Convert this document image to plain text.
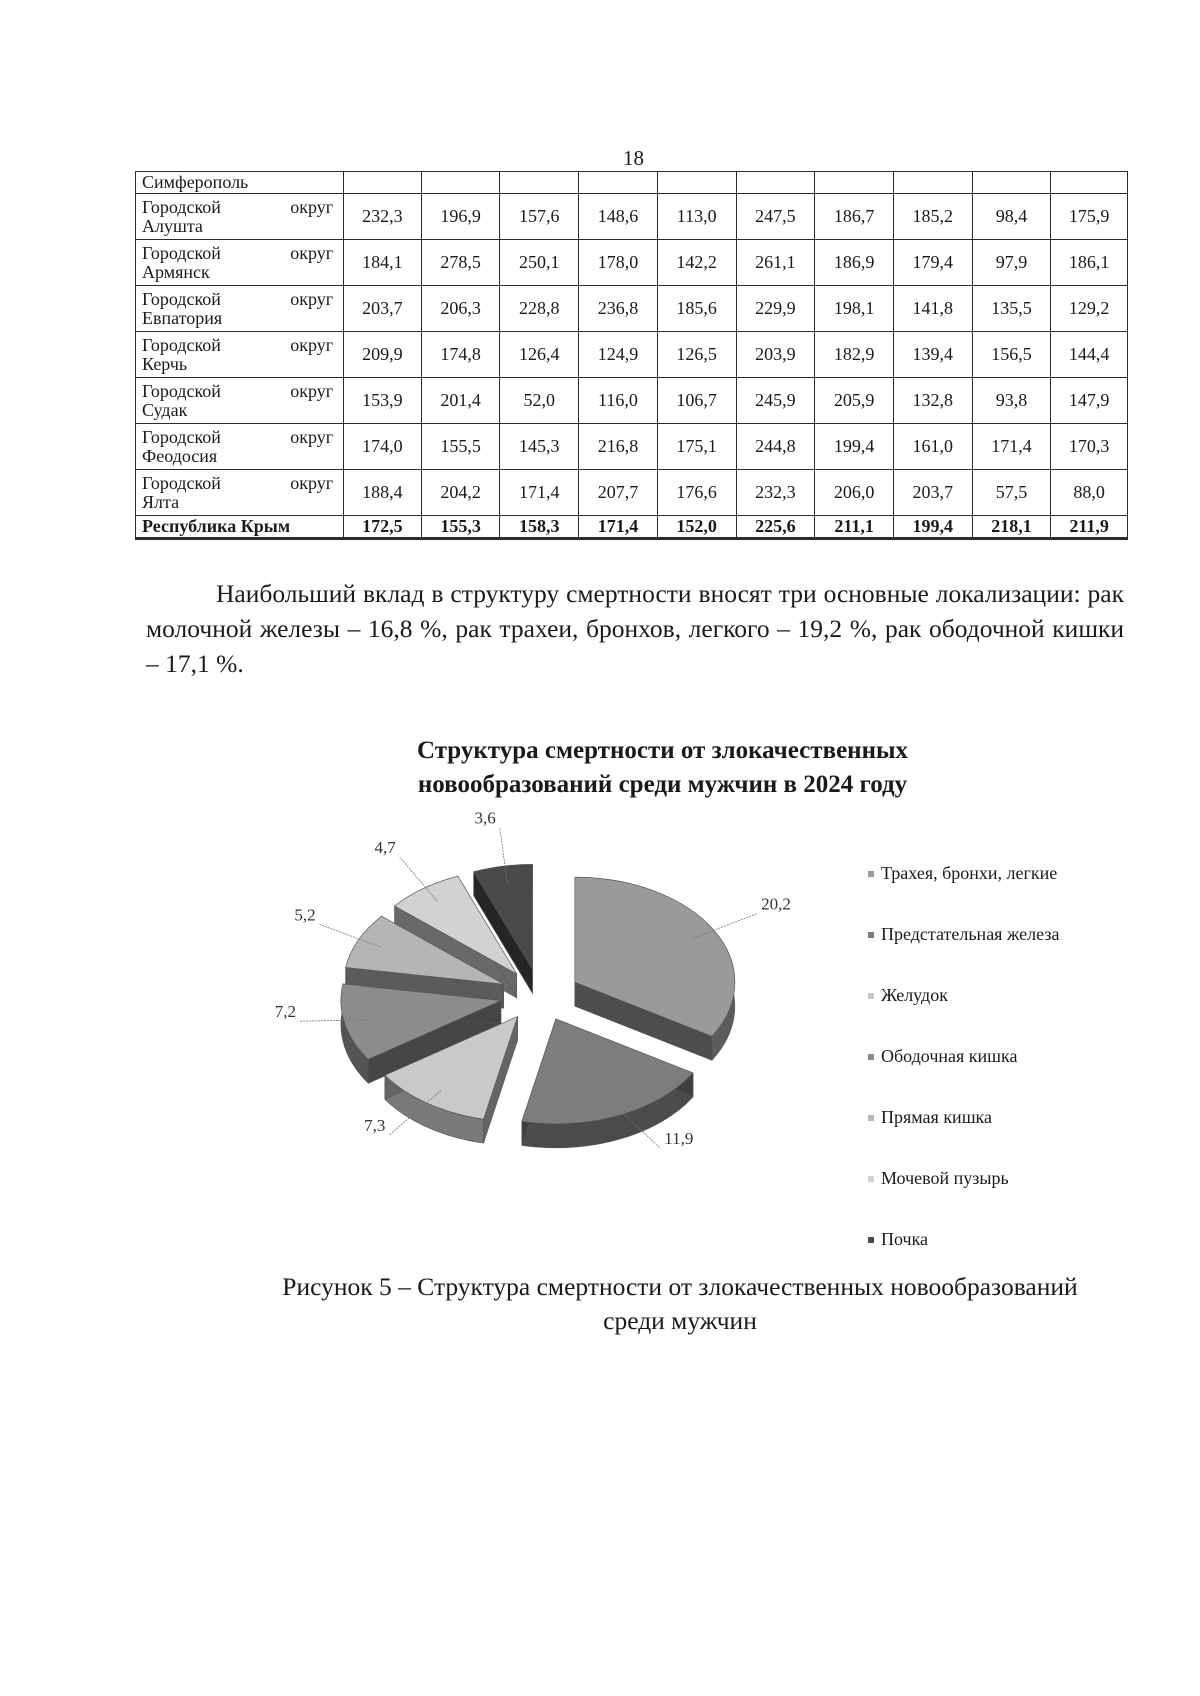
18
Симферополь										

Городской округ
Алушта	232,3	196,9	157,6	148,6	113,0	247,5	186,7	185,2	98,4	175,9

Городской округ
Армянск	184,1	278,5	250,1	178,0	142,2	261,1	186,9	179,4	97,9	186,1

Городской округ
Евпатория	203,7	206,3	228,8	236,8	185,6	229,9	198,1	141,8	135,5	129,2

Городской округ
Керчь	209,9	174,8	126,4	124,9	126,5	203,9	182,9	139,4	156,5	144,4

Городской округ
Судак	153,9	201,4	52,0	116,0	106,7	245,9	205,9	132,8	93,8	147,9

Городской округ
Феодосия	174,0	155,5	145,3	216,8	175,1	244,8	199,4	161,0	171,4	170,3

Городской округ
Ялта	188,4	204,2	171,4	207,7	176,6	232,3	206,0	203,7	57,5	88,0
Республика Крым	172,5	155,3	158,3	171,4	152,0	225,6	211,1	199,4	218,1	211,9
Наибольший вклад в структуру смертности вносят три основные локализации: рак молочной железы – 16,8 %, рак трахеи, бронхов, легкого – 19,2 %, рак ободочной кишки – 17,1 %.
Структура смертности от злокачественных
новообразований среди мужчин в 2024 году
20,2
11,9
7,3
7,2
5,2
4,7
3,6
Трахея, бронхи, легкие
Предстательная железа
Желудок
Ободочная кишка
Прямая кишка
Мочевой пузырь
Почка
Рисунок 5 – Структура смертности от злокачественных новообразований
среди мужчин
